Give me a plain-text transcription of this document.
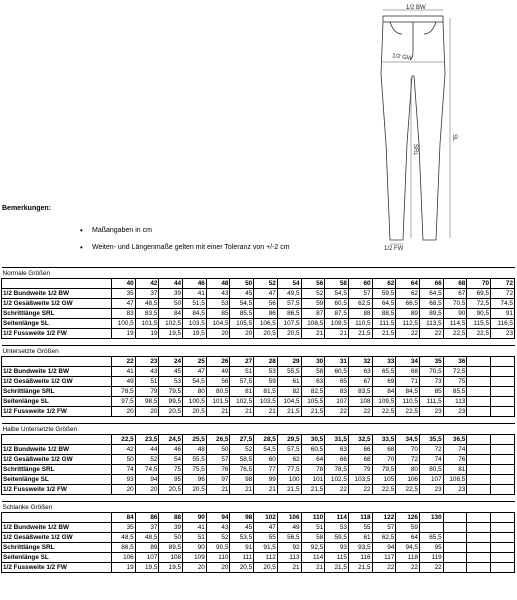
1/2 BW
1/2 GW
SRL
SL
1/2 FW
Bemerkungen:
• Maßangaben in cm
• Weiten- und Längenmaße gelten mit einer Toleranz von +/-2 cm
Normale Größen																	
	40	42	44	46	48	50	52	54	56	58	60	62	64	66	68	70	72
1/2 Bundweite 1/2 BW	35	37	39	41	43	45	47	49,5	52	54,5	57	59,5	62	64,5	67	69,5	72
1/2 Gesäßweite 1/2 GW	47	48,5	50	51,5	53	54,5	56	57,5	59	60,5	62,5	64,5	66,5	68,5	70,5	72,5	74,5
Schrittlänge SRL	83	83,5	84	84,5	85	85,5	86	86,5	87	87,5	88	88,5	89	89,5	90	90,5	91
Seitenlänge SL	100,5	101,5	102,5	103,5	104,5	105,5	106,5	107,5	108,5	109,5	110,5	111,5	112,5	113,5	114,5	115,5	116,5
1/2 Fussweite 1/2 FW	19	19	19,5	19,5	20	20	20,5	20,5	21	21	21,5	21,5	22	22	22,5	22,5	23

Untersetzte Größen																	
	22	23	24	25	26	27	28	29	30	31	32	33	34	35	36		
1/2 Bundweite 1/2 BW	41	43	45	47	49	51	53	55,5	58	60,5	63	65,5	68	70,5	72,5		
1/2 Gesäßweite 1/2 GW	49	51	53	54,5	56	57,5	59	61	63	65	67	69	71	73	75		
Schrittlänge SRL	78,5	79	79,5	80	80,5	81	81,5	82	82,5	83	83,5	84	84,5	85	85,5		
Seitenlänge SL	97,5	98,5	99,5	100,5	101,5	102,5	103,5	104,5	105,5	107	108	109,5	110,5	111,5	113		
1/2 Fussweite 1/2 FW	20	20	20,5	20,5	21	21	21	21,5	21,5	22	22	22,5	22,5	23	23		

Halbe Untersetzte Größen																	
	22,5	23,5	24,5	25,5	26,5	27,5	28,5	29,5	30,5	31,5	32,5	33,5	34,5	35,5	36,5		
1/2 Bundweite 1/2 BW	42	44	46	48	50	52	54,5	57,5	60,5	63	66	68	70	72	74		
1/2 Gesäßweite 1/2 GW	50	52	54	55,5	57	58,5	60	62	64	66	68	70	72	74	76		
Schrittlänge SRL	74	74,5	75	75,5	76	76,5	77	77,5	78	78,5	79	79,5	80	80,5	81		
Seitenlänge SL	93	94	95	96	97	98	99	100	101	102,5	103,5	105	106	107	108,5		
1/2 Fussweite 1/2 FW	20	20	20,5	20,5	21	21	21	21,5	21,5	22	22	22,5	22,5	23	23		

Schlanke Größen																	
	84	86	88	90	94	98	102	106	110	114	118	122	126	130			
1/2 Bundweite 1/2 BW	35	37	39	41	43	45	47	49	51	53	55	57	59				
1/2 Gesäßweite 1/2 GW	48,5	48,5	50	51	52	53,5	55	56,5	58	59,5	61	62,5	64	65,5			
Schrittlänge SRL	86,5	89	89,5	90	90,5	91	91,5	92	92,5	93	93,5	94	94,5	95			
Seitenlänge SL	106	107	108	109	110	111	112	113	114	115	116	117	118	119			
1/2 Fussweite 1/2 FW	19	19,5	19,5	20	20	20,5	20,5	21	21	21,5	21,5	22	22	22			
